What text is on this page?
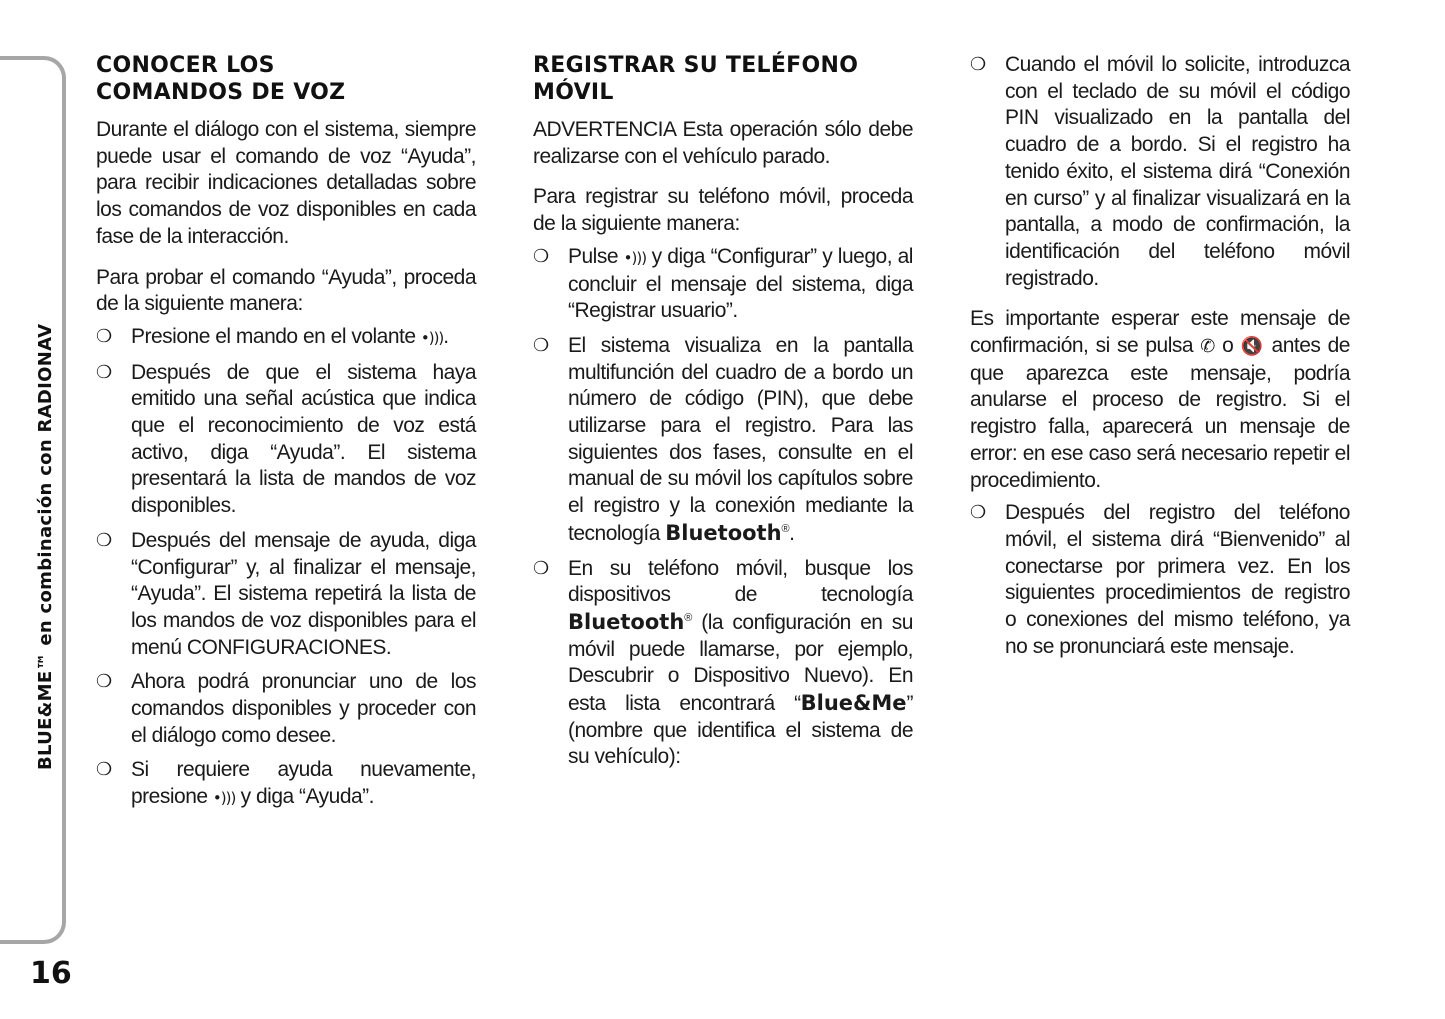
BLUE&ME™ en combinación con RADIONAV
16
CONOCER LOS
COMANDOS DE VOZ

Durante el diálogo con el sistema, siempre puede usar el comando de voz “Ayuda”, para recibir indicaciones detalladas sobre los comandos de voz disponibles en cada fase de la interacción.

Para probar el comando “Ayuda”, proceda de la siguiente manera:

❍ Presione el mando en el volante •))).
❍ Después de que el sistema haya emitido una señal acústica que indica que el reconocimiento de voz está activo, diga “Ayuda”. El sistema presentará la lista de mandos de voz disponibles.
❍ Después del mensaje de ayuda, diga “Configurar” y, al finalizar el mensaje, “Ayuda”. El sistema repetirá la lista de los mandos de voz disponibles para el menú CONFIGURACIONES.
❍ Ahora podrá pronunciar uno de los comandos disponibles y proceder con el diálogo como desee.
❍ Si requiere ayuda nuevamente, presione •))) y diga “Ayuda”.
REGISTRAR SU TELÉFONO
MÓVIL

ADVERTENCIA Esta operación sólo debe realizarse con el vehículo parado.

Para registrar su teléfono móvil, proceda de la siguiente manera:

❍ Pulse •))) y diga “Configurar” y luego, al concluir el mensaje del sistema, diga “Registrar usuario”.
❍ El sistema visualiza en la pantalla multifunción del cuadro de a bordo un número de código (PIN), que debe utilizarse para el registro. Para las siguientes dos fases, consulte en el manual de su móvil los capítulos sobre el registro y la conexión mediante la tecnología Bluetooth®.
❍ En su teléfono móvil, busque los dispositivos de tecnología Bluetooth® (la configuración en su móvil puede llamarse, por ejemplo, Descubrir o Dispositivo Nuevo). En esta lista encontrará “Blue&Me” (nombre que identifica el sistema de su vehículo):
❍ Cuando el móvil lo solicite, introduzca con el teclado de su móvil el código PIN visualizado en la pantalla del cuadro de a bordo. Si el registro ha tenido éxito, el sistema dirá “Conexión en curso” y al finalizar visualizará en la pantalla, a modo de confirmación, la identificación del teléfono móvil registrado.

Es importante esperar este mensaje de confirmación, si se pulsa ✆ o 🔇 antes de que aparezca este mensaje, podría anularse el proceso de registro. Si el registro falla, aparecerá un mensaje de error: en ese caso será necesario repetir el procedimiento.

❍ Después del registro del teléfono móvil, el sistema dirá “Bienvenido” al conectarse por primera vez. En los siguientes procedimientos de registro o conexiones del mismo teléfono, ya no se pronunciará este mensaje.
